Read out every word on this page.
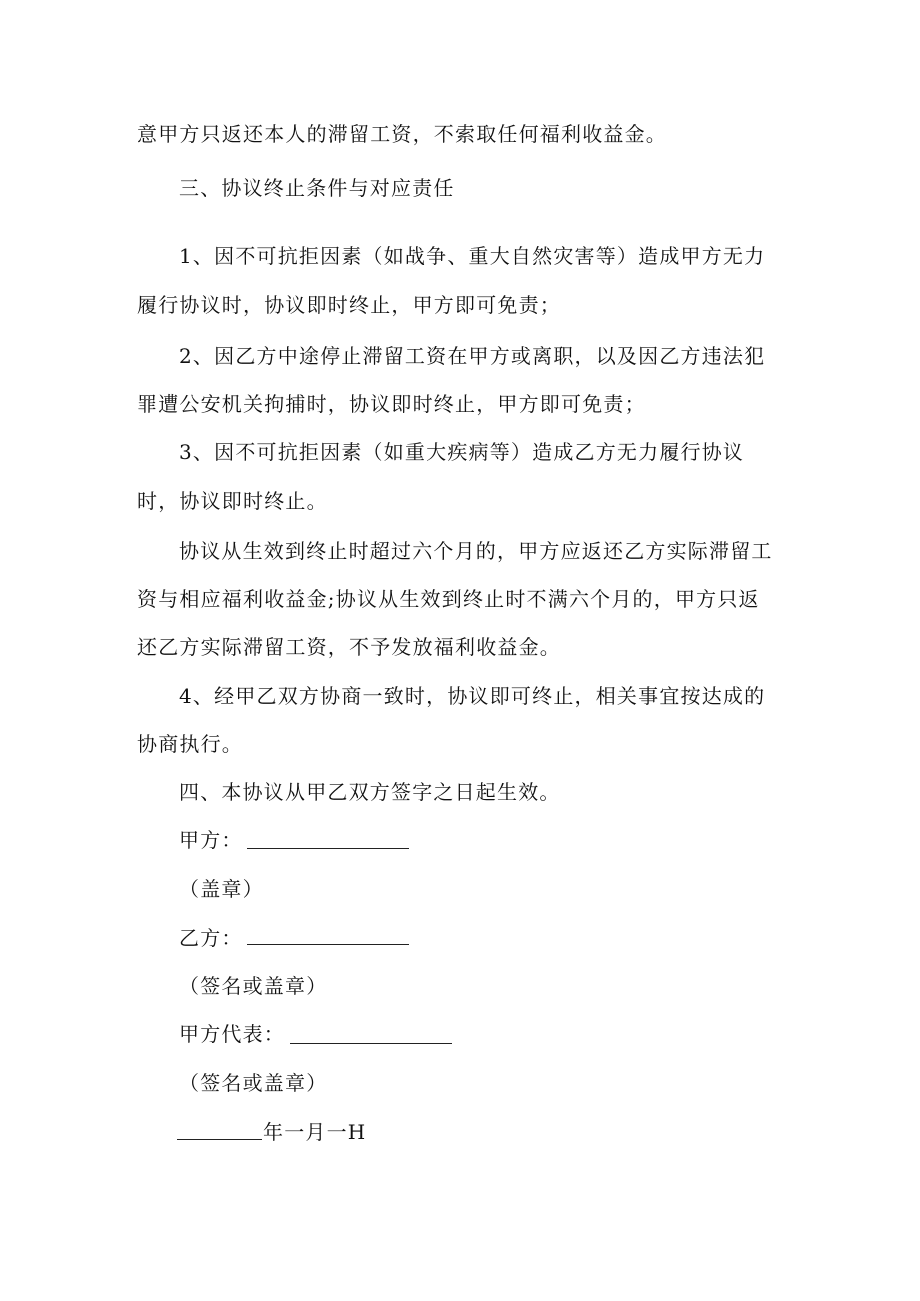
意甲方只返还本人的滞留工资，不索取任何福利收益金。
三、协议终止条件与对应责任
1、因不可抗拒因素（如战争、重大自然灾害等）造成甲方无力
履行协议时，协议即时终止，甲方即可免责；
2、因乙方中途停止滞留工资在甲方或离职，以及因乙方违法犯
罪遭公安机关拘捕时，协议即时终止，甲方即可免责；
3、因不可抗拒因素（如重大疾病等）造成乙方无力履行协议
时，协议即时终止。
协议从生效到终止时超过六个月的，甲方应返还乙方实际滞留工
资与相应福利收益金;协议从生效到终止时不满六个月的，甲方只返
还乙方实际滞留工资，不予发放福利收益金。
4、经甲乙双方协商一致时，协议即可终止，相关事宜按达成的
协商执行。
四、本协议从甲乙双方签字之日起生效。
甲方：
（盖章）
乙方：
（签名或盖章）
甲方代表：
（签名或盖章）
年一月一H
